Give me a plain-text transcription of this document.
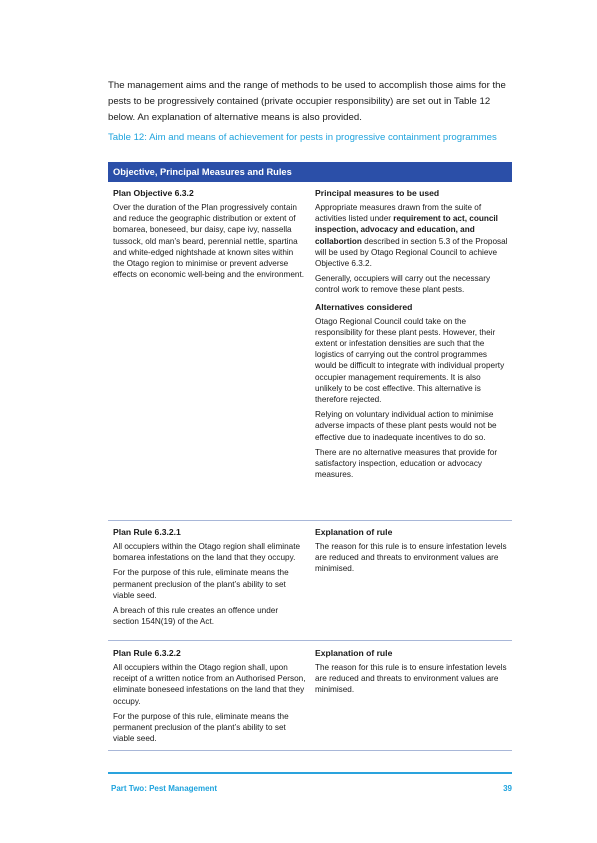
The management aims and the range of methods to be used to accomplish those aims for the pests to be progressively contained (private occupier responsibility) are set out in Table 12 below. An explanation of alternative means is also provided.

Table 12: Aim and means of achievement for pests in progressive containment programmes

Objective, Principal Measures and Rules

Plan Objective 6.3.2

Over the duration of the Plan progressively contain and reduce the geographic distribution or extent of bomarea, boneseed, bur daisy, cape ivy, nassella tussock, old man’s beard, perennial nettle, spartina and white-edged nightshade at known sites within the Otago region to minimise or prevent adverse effects on economic well-being and the environment.

Principal measures to be used

Appropriate measures drawn from the suite of activities listed under requirement to act, council inspection, advocacy and education, and collabortion described in section 5.3 of the Proposal will be used by Otago Regional Council to achieve Objective 6.3.2.

Generally, occupiers will carry out the necessary control work to remove these plant pests.

Alternatives considered

Otago Regional Council could take on the responsibility for these plant pests. However, their extent or infestation densities are such that the logistics of carrying out the control programmes would be difficult to integrate with individual property occupier management requirements. It is also unlikely to be cost effective. This alternative is therefore rejected.

Relying on voluntary individual action to minimise adverse impacts of these plant pests would not be effective due to inadequate incentives to do so.

There are no alternative measures that provide for satisfactory inspection, education or advocacy measures.

Plan Rule 6.3.2.1

All occupiers within the Otago region shall eliminate bomarea infestations on the land that they occupy.

For the purpose of this rule, eliminate means the permanent preclusion of the plant’s ability to set viable seed.

A breach of this rule creates an offence under section 154N(19) of the Act.

Explanation of rule

The reason for this rule is to ensure infestation levels are reduced and threats to environment values are minimised.

Plan Rule 6.3.2.2

All occupiers within the Otago region shall, upon receipt of a written notice from an Authorised Person, eliminate boneseed infestations on the land that they occupy.

For the purpose of this rule, eliminate means the permanent preclusion of the plant’s ability to set viable seed.

Explanation of rule

The reason for this rule is to ensure infestation levels are reduced and threats to environment values are minimised.

Part Two: Pest Management	39
